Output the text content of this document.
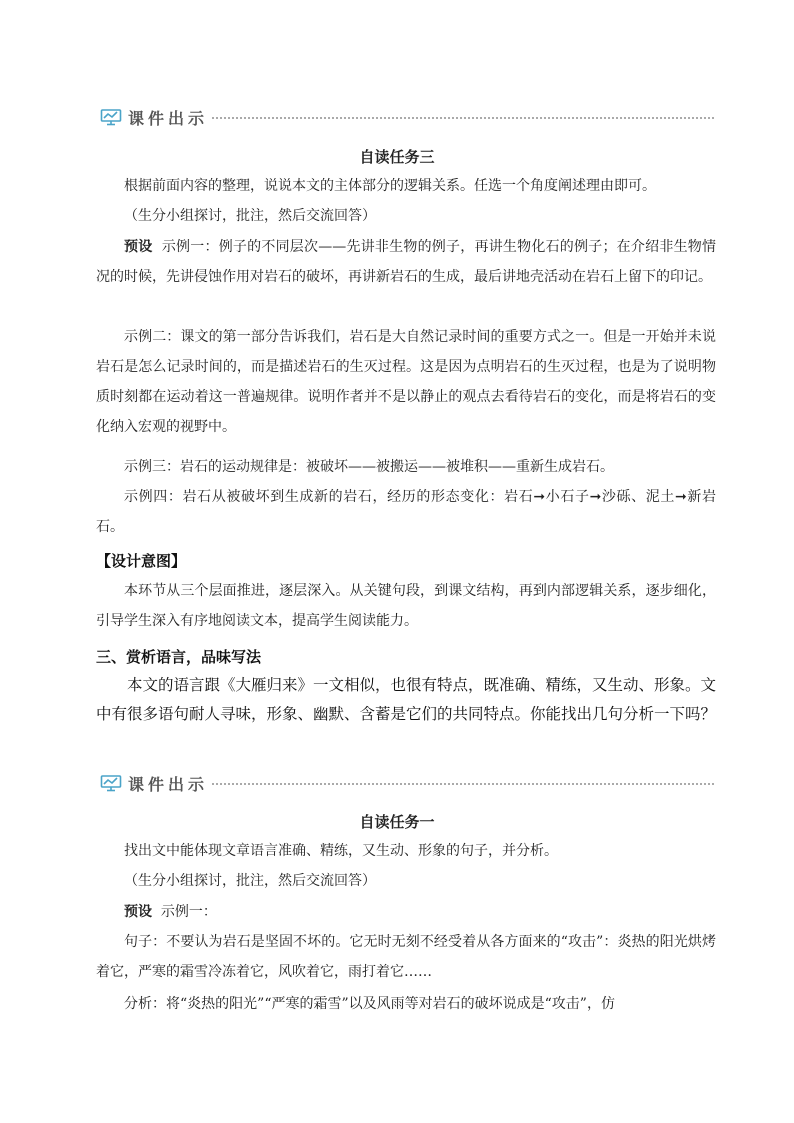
课件出示
自读任务三
根据前面内容的整理，说说本文的主体部分的逻辑关系。任选一个角度阐述理由即可。
（生分小组探讨，批注，然后交流回答）
预设 示例一：例子的不同层次——先讲非生物的例子，再讲生物化石的例子；在介绍非生物情况的时候，先讲侵蚀作用对岩石的破坏，再讲新岩石的生成，最后讲地壳活动在岩石上留下的印记。
示例二：课文的第一部分告诉我们，岩石是大自然记录时间的重要方式之一。但是一开始并未说岩石是怎么记录时间的，而是描述岩石的生灭过程。这是因为点明岩石的生灭过程，也是为了说明物质时刻都在运动着这一普遍规律。说明作者并不是以静止的观点去看待岩石的变化，而是将岩石的变化纳入宏观的视野中。
示例三：岩石的运动规律是：被破坏——被搬运——被堆积——重新生成岩石。
示例四：岩石从被破坏到生成新的岩石，经历的形态变化：岩石➞小石子➞沙砾、泥土➞新岩石。
【设计意图】
本环节从三个层面推进，逐层深入。从关键句段，到课文结构，再到内部逻辑关系，逐步细化，引导学生深入有序地阅读文本，提高学生阅读能力。
三、赏析语言，品味写法

本文的语言跟《大雁归来》一文相似，也很有特点，既准确、精练，又生动、形象。文中有很多语句耐人寻味，形象、幽默、含蓄是它们的共同特点。你能找出几句分析一下吗？

课件出示
自读任务一
找出文中能体现文章语言准确、精练，又生动、形象的句子，并分析。
（生分小组探讨，批注，然后交流回答）
预设 示例一：
句子：不要认为岩石是坚固不坏的。它无时无刻不经受着从各方面来的“攻击”：炎热的阳光烘烤着它，严寒的霜雪冷冻着它，风吹着它，雨打着它……
分析：将“炎热的阳光”“严寒的霜雪”以及风雨等对岩石的破坏说成是“攻击”，仿
